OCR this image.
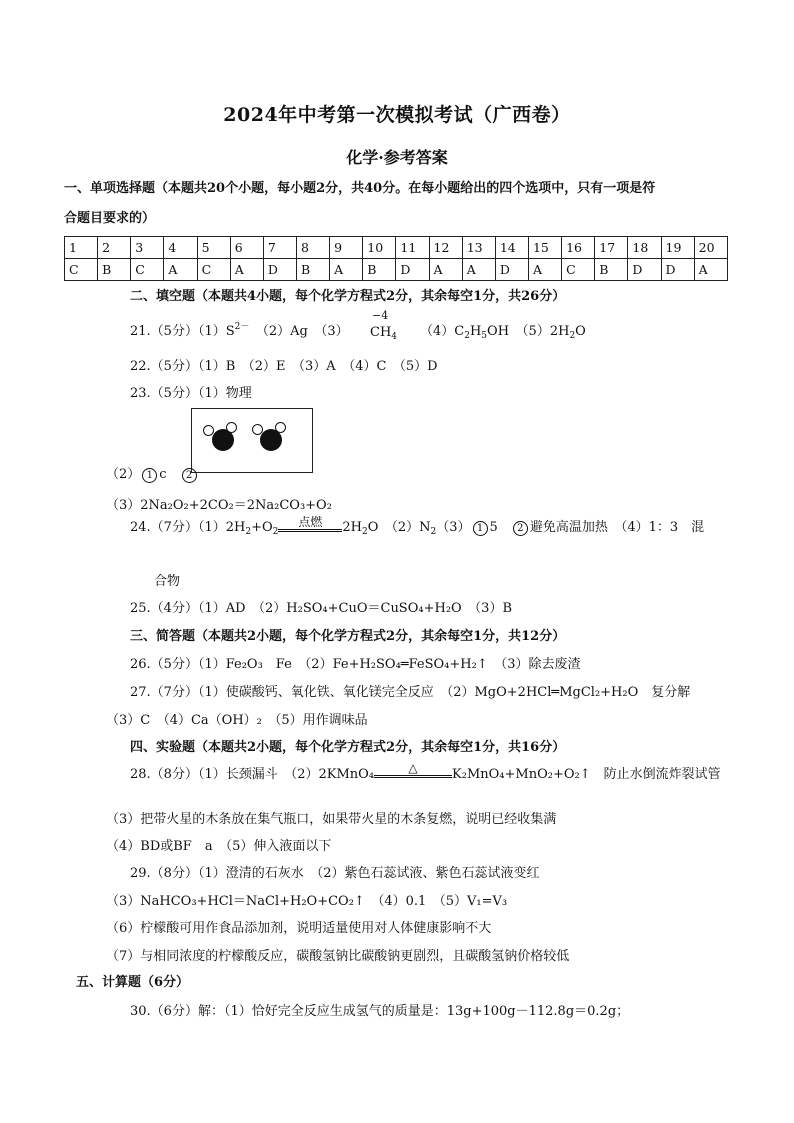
2024年中考第一次模拟考试（广西卷）
化学·参考答案
一、单项选择题（本题共20个小题，每小题2分，共40分。在每小题给出的四个选项中，只有一项是符
合题目要求的）
1	2	3	4	5	6	7	8	9	10	11	12	13	14	15	16	17	18	19	20
C	B	C	A	C	A	D	B	A	B	D	A	A	D	A	C	B	D	D	A
二、填空题（本题共4小题，每个化学方程式2分，其余每空1分，共26分）
21.（5分）$(1)S^{2-}$　 （2）Ag　 （3）
−4
$CH_4$ $(4)C_2H_5OH$　 $(5)2H_2O$
22.（5分）（1）B　（2）E　（3）A　（4）C　（5）D
23.（5分）（1）物理
（2） 1 c　 2
（3）2Na₂O₂+2CO₂＝2Na₂CO₃+O₂
24.（7分）$(1)2H_2+O_2$
点燃	$2H_2O$　$(2)N_2(3)$ 1 5　2 避免高温加热　（4）1：3　混
合物
25.（4分）（1）AD　（2）H₂SO₄+CuO＝CuSO₄+H₂O　（3）B
三、简答题（本题共2小题，每个化学方程式2分，其余每空1分，共12分）
26.（5分）（1）Fe₂O₃　Fe　（2）Fe+H₂SO₄═FeSO₄+H₂↑　（3）除去废渣
27.（7分）（1）使碳酸钙、氧化铁、氧化镁完全反应　（2）MgO+2HCl═MgCl₂+H₂O　复分解
（3）C　（4）Ca（OH）₂　（5）用作调味品
四、实验题（本题共2小题，每个化学方程式2分，其余每空1分，共16分）
28.（8分）（1）长颈漏斗　（2）2KMnO₄	△	K₂MnO₄+MnO₂+O₂↑　防止水倒流炸裂试管
（3）把带火星的木条放在集气瓶口，如果带火星的木条复燃，说明已经收集满
（4）BD或BF　a　（5）伸入液面以下
29.（8分）（1）澄清的石灰水　（2）紫色石蕊试液、紫色石蕊试液变红
（3）NaHCO₃+HCl＝NaCl+H₂O+CO₂↑　（4）0.1　（5）V₁=V₃
（6）柠檬酸可用作食品添加剂，说明适量使用对人体健康影响不大
（7）与相同浓度的柠檬酸反应，碳酸氢钠比碳酸钠更剧烈，且碳酸氢钠价格较低
五、计算题（6分）
30.（6分）解：（1）恰好完全反应生成氢气的质量是：13g+100g－112.8g＝0.2g；
